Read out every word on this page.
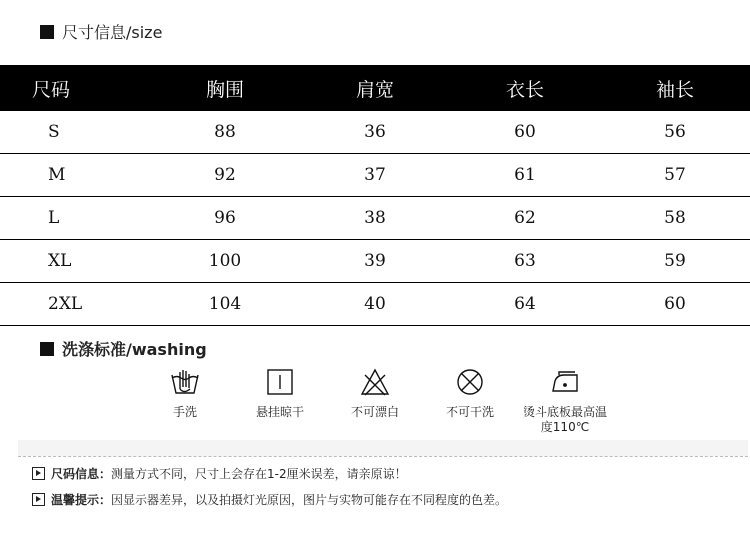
尺寸信息/size
尺码	胸围	肩宽	衣长	袖长
S	88	36	60	56
M	92	37	61	57
L	96	38	62	58
XL	100	39	63	59
2XL	104	40	64	60
洗涤标准/washing
手洗	悬挂晾干	不可漂白	不可干洗 烫斗底板最高温度110℃
尺码信息： 测量方式不同，尺寸上会存在1-2厘米误差，请亲原谅！
温馨提示： 因显示器差异，以及拍摄灯光原因，图片与实物可能存在不同程度的色差。
